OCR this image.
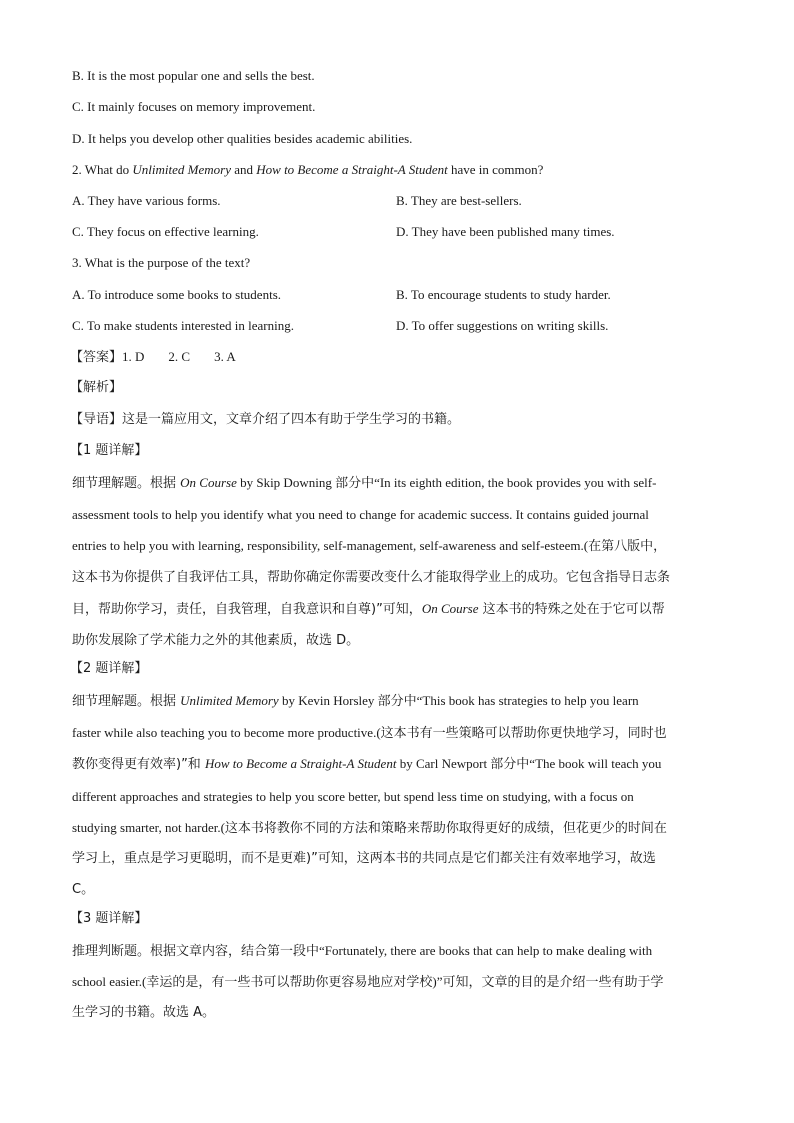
B. It is the most popular one and sells the best.
C. It mainly focuses on memory improvement.
D. It helps you develop other qualities besides academic abilities.
2. What do Unlimited Memory and How to Become a Straight-A Student have in common?
A. They have various forms.	B. They are best-sellers.
C. They focus on effective learning.	D. They have been published many times.
3. What is the purpose of the text?
A. To introduce some books to students.	B. To encourage students to study harder.
C. To make students interested in learning.	D. To offer suggestions on writing skills.
【答案】1. D 2. C 3. A
【解析】
【导语】这是一篇应用文，文章介绍了四本有助于学生学习的书籍。
【1 题详解】

细节理解题。根据 On Course by Skip Downing 部分中“In its eighth edition, the book provides you with self-

assessment tools to help you identify what you need to change for academic success. It contains guided journal

entries to help you with learning, responsibility, self-management, self-awareness and self-esteem.(在第八版中，

这本书为你提供了自我评估工具，帮助你确定你需要改变什么才能取得学业上的成功。它包含指导日志条

目，帮助你学习，责任，自我管理，自我意识和自尊)”可知，On Course 这本书的特殊之处在于它可以帮

助你发展除了学术能力之外的其他素质，故选 D。

【2 题详解】

细节理解题。根据 Unlimited Memory by Kevin Horsley 部分中“This book has strategies to help you learn

faster while also teaching you to become more productive.(这本书有一些策略可以帮助你更快地学习，同时也

教你变得更有效率)”和 How to Become a Straight-A Student by Carl Newport 部分中“The book will teach you

different approaches and strategies to help you score better, but spend less time on studying, with a focus on

studying smarter, not harder.(这本书将教你不同的方法和策略来帮助你取得更好的成绩，但花更少的时间在

学习上，重点是学习更聪明，而不是更难)”可知，这两本书的共同点是它们都关注有效率地学习，故选

C。

【3 题详解】

推理判断题。根据文章内容，结合第一段中“Fortunately, there are books that can help to make dealing with

school easier.(幸运的是，有一些书可以帮助你更容易地应对学校)”可知，文章的目的是介绍一些有助于学

生学习的书籍。故选 A。
